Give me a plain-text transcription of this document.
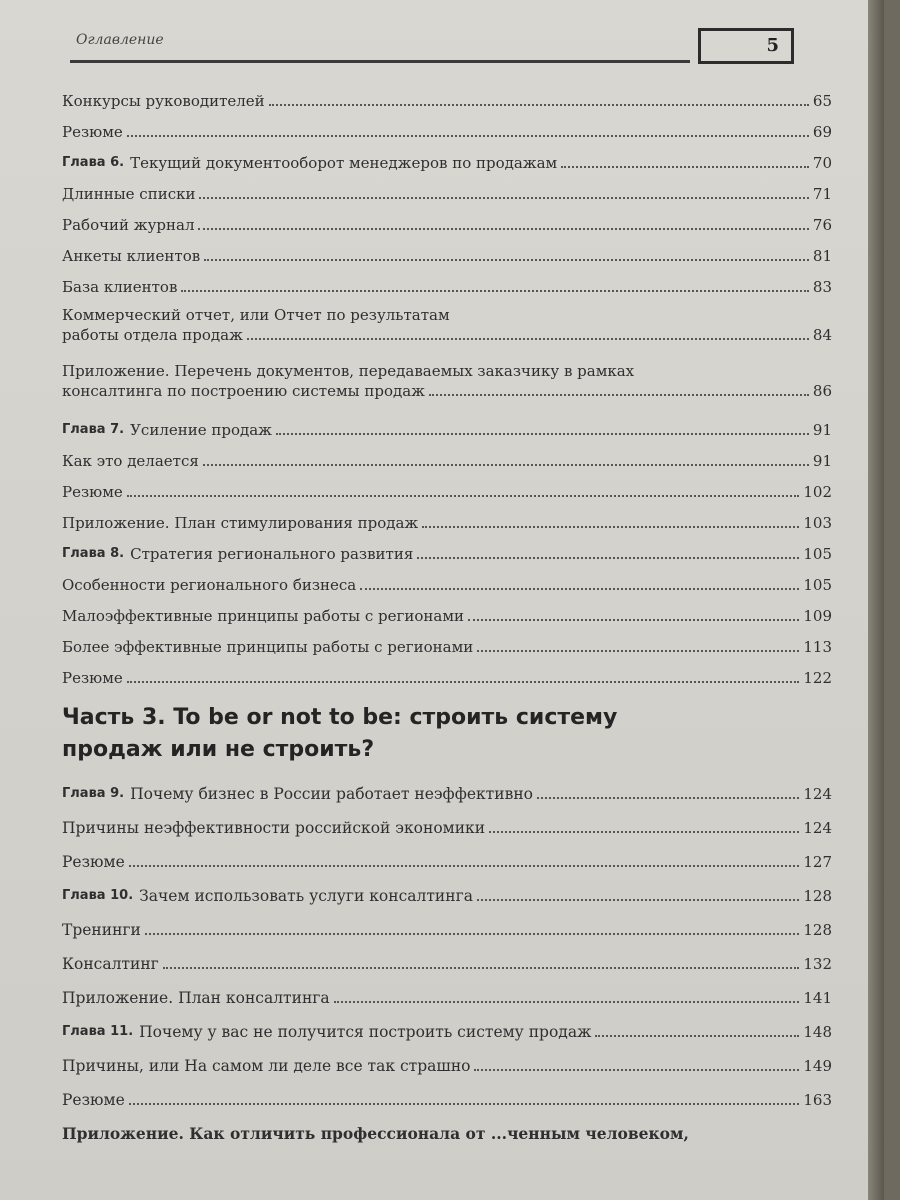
Оглавление	5
Конкурсы руководителей	65
Резюме	69
Глава 6. Текущий документооборот менеджеров по продажам	70
Длинные списки	71
Рабочий журнал	76
Анкеты клиентов	81
База клиентов	83
Коммерческий отчет, или Отчет по результатам
работы отдела продаж	84
Приложение. Перечень документов, передаваемых заказчику в рамках
консалтинга по построению системы продаж	86
Глава 7. Усиление продаж	91
Как это делается	91
Резюме	102
Приложение. План стимулирования продаж	103
Глава 8. Стратегия регионального развития	105
Особенности регионального бизнеса	105
Малоэффективные принципы работы с регионами	109
Более эффективные принципы работы с регионами	113
Резюме	122
Часть 3. To be or not to be: строить систему
продаж или не строить?
Глава 9. Почему бизнес в России работает неэффективно	124
Причины неэффективности российской экономики	124
Резюме	127
Глава 10. Зачем использовать услуги консалтинга	128
Тренинги	128
Консалтинг	132
Приложение. План консалтинга	141
Глава 11. Почему у вас не получится построить систему продаж	148
Причины, или На самом ли деле все так страшно	149
Резюме	163
Приложение. Как отличить профессионала от ...ченным человеком,
